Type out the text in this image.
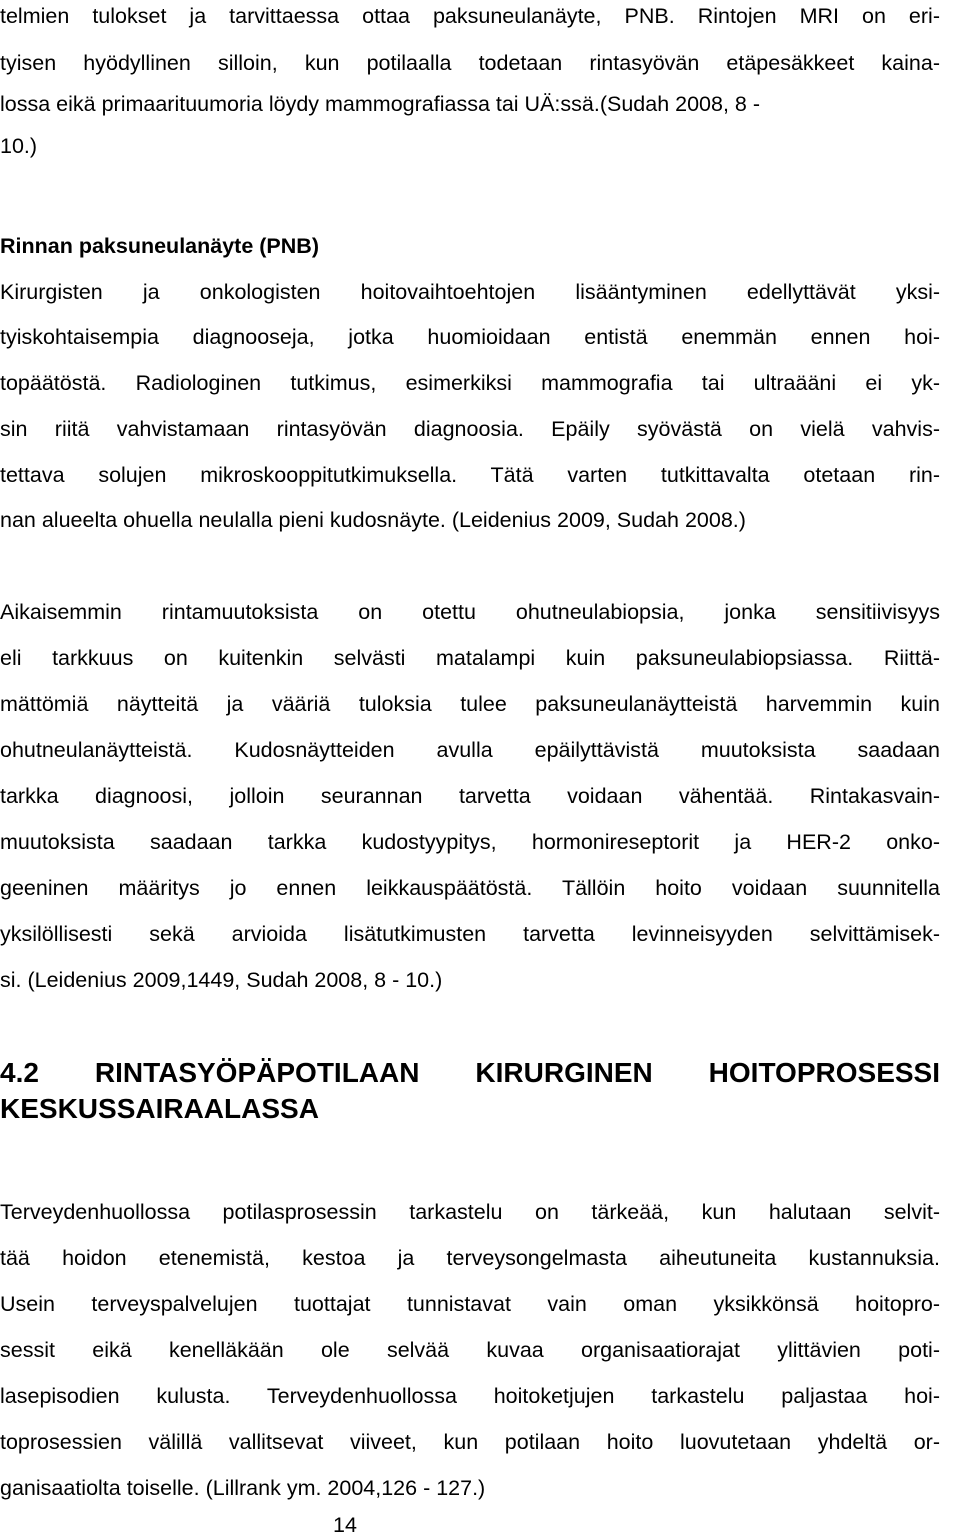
telmien tulokset ja tarvittaessa ottaa paksuneulanäyte, PNB. Rintojen MRI on eri-
tyisen hyödyllinen silloin, kun potilaalla todetaan rintasyövän etäpesäkkeet kaina-
lossa eikä primaarituumoria löydy mammografiassa tai UÄ:ssä.(Sudah 2008, 8 -
10.)
Rinnan paksuneulanäyte (PNB)
Kirurgisten ja onkologisten hoitovaihtoehtojen lisääntyminen edellyttävät yksi-
tyiskohtaisempia diagnooseja, jotka huomioidaan entistä enemmän ennen hoi-
topäätöstä. Radiologinen tutkimus, esimerkiksi mammografia tai ultraääni ei yk-
sin riitä vahvistamaan rintasyövän diagnoosia. Epäily syövästä on vielä vahvis-
tettava solujen mikroskooppitutkimuksella. Tätä varten tutkittavalta otetaan rin-
nan alueelta ohuella neulalla pieni kudosnäyte. (Leidenius 2009, Sudah 2008.)
Aikaisemmin rintamuutoksista on otettu ohutneulabiopsia, jonka sensitiivisyys
eli tarkkuus on kuitenkin selvästi matalampi kuin paksuneulabiopsiassa. Riittä-
mättömiä näytteitä ja vääriä tuloksia tulee paksuneulanäytteistä harvemmin kuin
ohutneulanäytteistä. Kudosnäytteiden avulla epäilyttävistä muutoksista saadaan
tarkka diagnoosi, jolloin seurannan tarvetta voidaan vähentää. Rintakasvain-
muutoksista saadaan tarkka kudostyypitys, hormonireseptorit ja HER-2 onko-
geeninen määritys jo ennen leikkauspäätöstä. Tällöin hoito voidaan suunnitella
yksilöllisesti sekä arvioida lisätutkimusten tarvetta levinneisyyden selvittämisek-
si. (Leidenius 2009,1449, Sudah 2008, 8 - 10.)
4.2 RINTASYÖPÄPOTILAAN KIRURGINEN HOITOPROSESSI
KESKUSSAIRAALASSA
Terveydenhuollossa potilasprosessin tarkastelu on tärkeää, kun halutaan selvit-
tää hoidon etenemistä, kestoa ja terveysongelmasta aiheutuneita kustannuksia.
Usein terveyspalvelujen tuottajat tunnistavat vain oman yksikkönsä hoitopro-
sessit eikä kenelläkään ole selvää kuvaa organisaatiorajat ylittävien poti-
lasepisodien kulusta. Terveydenhuollossa hoitoketjujen tarkastelu paljastaa hoi-
toprosessien välillä vallitsevat viiveet, kun potilaan hoito luovutetaan yhdeltä or-
ganisaatiolta toiselle. (Lillrank ym. 2004,126 - 127.)
14
